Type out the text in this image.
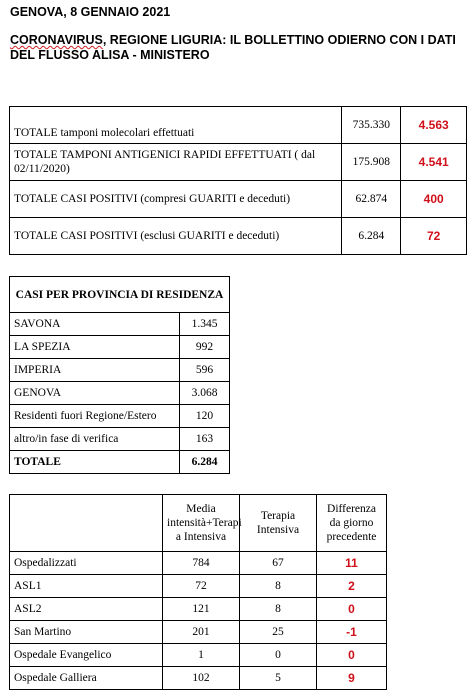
GENOVA, 8 GENNAIO 2021
CORONAVIRUS, REGIONE LIGURIA: IL BOLLETTINO ODIERNO CON I DATI DEL FLUSSO ALISA - MINISTERO
TOTALE tamponi molecolari effettuati	735.330	4.563
TOTALE TAMPONI ANTIGENICI RAPIDI EFFETTUATI ( dal 02/11/2020)	175.908	4.541
TOTALE CASI POSITIVI (compresi GUARITI e deceduti)	62.874	400
TOTALE CASI POSITIVI (esclusi GUARITI e deceduti)	6.284	72
CASI PER PROVINCIA DI RESIDENZA	
SAVONA	1.345
LA SPEZIA	992
IMPERIA	596
GENOVA	3.068
Residenti fuori Regione/Estero	120
altro/in fase di verifica	163
TOTALE	6.284
	Media intensità+Terapi a Intensiva	Terapia Intensiva	Differenza da giorno precedente
Ospedalizzati	784	67	11
ASL1	72	8	2
ASL2	121	8	0
San Martino	201	25	-1
Ospedale Evangelico	1	0	0
Ospedale Galliera	102	5	9
